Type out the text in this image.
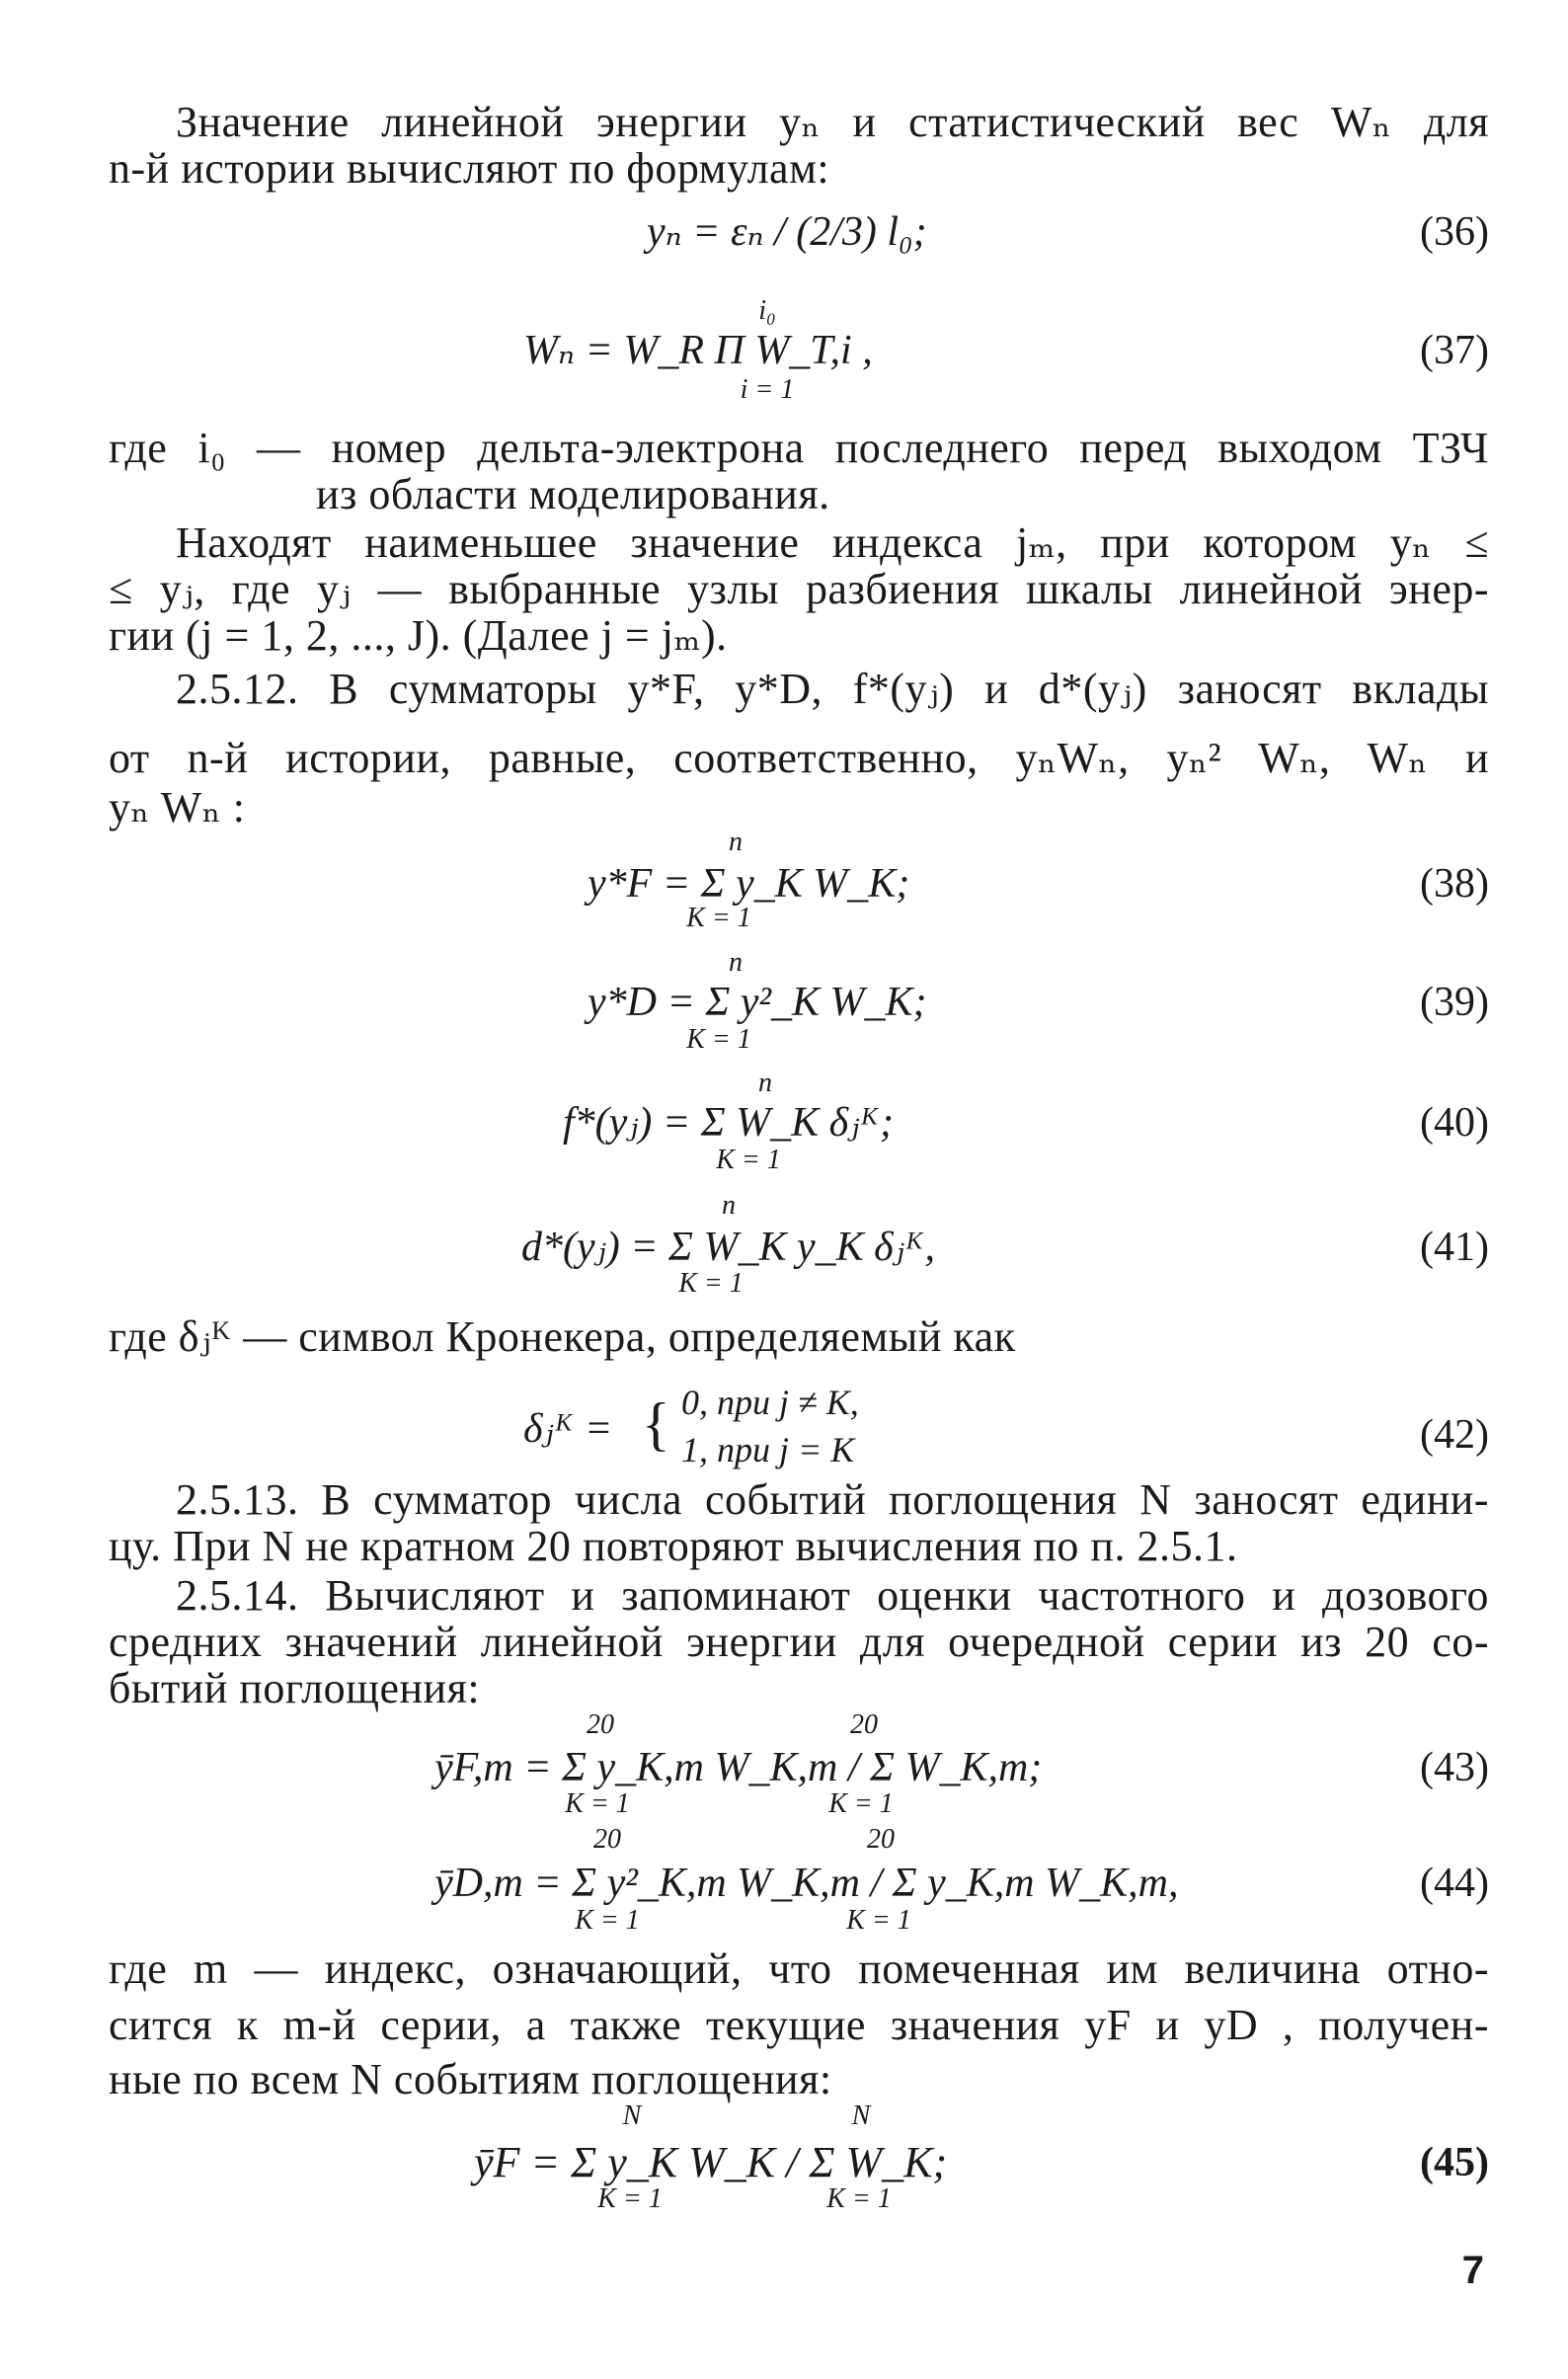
Значение линейной энергии yₙ и статистический вес Wₙ для
n-й истории вычисляют по формулам:
yₙ = εₙ / (2/3) l₀;	(36)
i₀
Wₙ = W_R Π W_T,i ,
i = 1
(37)
где i₀ — номер дельта-электрона последнего перед выходом ТЗЧ
из области моделирования.
Находят наименьшее значение индекса jₘ, при котором yₙ ≤
≤ yⱼ, где yⱼ — выбранные узлы разбиения шкалы линейной энер-
гии (j = 1, 2, ..., J). (Далее j = jₘ).
2.5.12. В сумматоры y*F, y*D, f*(yⱼ) и d*(yⱼ) заносят вклады
от n-й истории, равные, соответственно, yₙWₙ, yₙ² Wₙ, Wₙ и
yₙ Wₙ :
n
y*F = Σ y_K W_K;
K = 1
(38)
n
y*D = Σ y²_K W_K;
K = 1
(39)
n
f*(yⱼ) = Σ W_K δⱼᴷ;
K = 1
(40)
n
d*(yⱼ) = Σ W_K y_K δⱼᴷ,
K = 1
(41)
где δⱼᴷ — символ Кронекера, определяемый как
δⱼᴷ = { 0, при j ≠ K,
1, при j = K	(42)
2.5.13. В сумматор числа событий поглощения N заносят едини-
цу. При N не кратном 20 повторяют вычисления по п. 2.5.1.
2.5.14. Вычисляют и запоминают оценки частотного и дозового
средних значений линейной энергии для очередной серии из 20 со-
бытий поглощения:
20	20
ȳF,m = Σ y_K,m W_K,m / Σ W_K,m;
K = 1	K = 1
(43)
20	20
ȳD,m = Σ y²_K,m W_K,m / Σ y_K,m W_K,m,
K = 1	K = 1
(44)
где m — индекс, означающий, что помеченная им величина отно-
сится к m-й серии, а также текущие значения yF и yD , получен-
ные по всем N событиям поглощения:
N	N
ȳF = Σ y_K W_K / Σ W_K;
K = 1	K = 1
(45)
7
